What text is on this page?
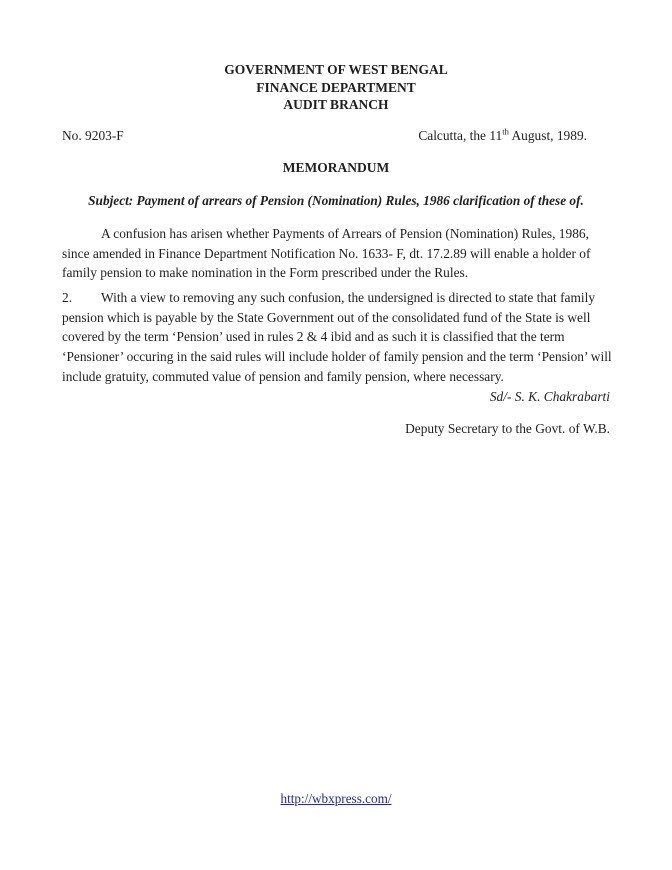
GOVERNMENT OF WEST BENGAL
FINANCE DEPARTMENT
AUDIT BRANCH
No. 9203-F	Calcutta, the 11th August, 1989.
MEMORANDUM
Subject: Payment of arrears of Pension (Nomination) Rules, 1986 clarification of these of.

A confusion has arisen whether Payments of Arrears of Pension (Nomination) Rules, 1986, since amended in Finance Department Notification No. 1633- F, dt. 17.2.89 will enable a holder of family pension to make nomination in the Form prescribed under the Rules.

2. With a view to removing any such confusion, the undersigned is directed to state that family pension which is payable by the State Government out of the consolidated fund of the State is well covered by the term ‘Pension’ used in rules 2 & 4 ibid and as such it is classified that the term ‘Pensioner’ occuring in the said rules will include holder of family pension and the term ‘Pension’ will include gratuity, commuted value of pension and family pension, where necessary.

Sd/- S. K. Chakrabarti
Deputy Secretary to the Govt. of W.B.
http://wbxpress.com/
